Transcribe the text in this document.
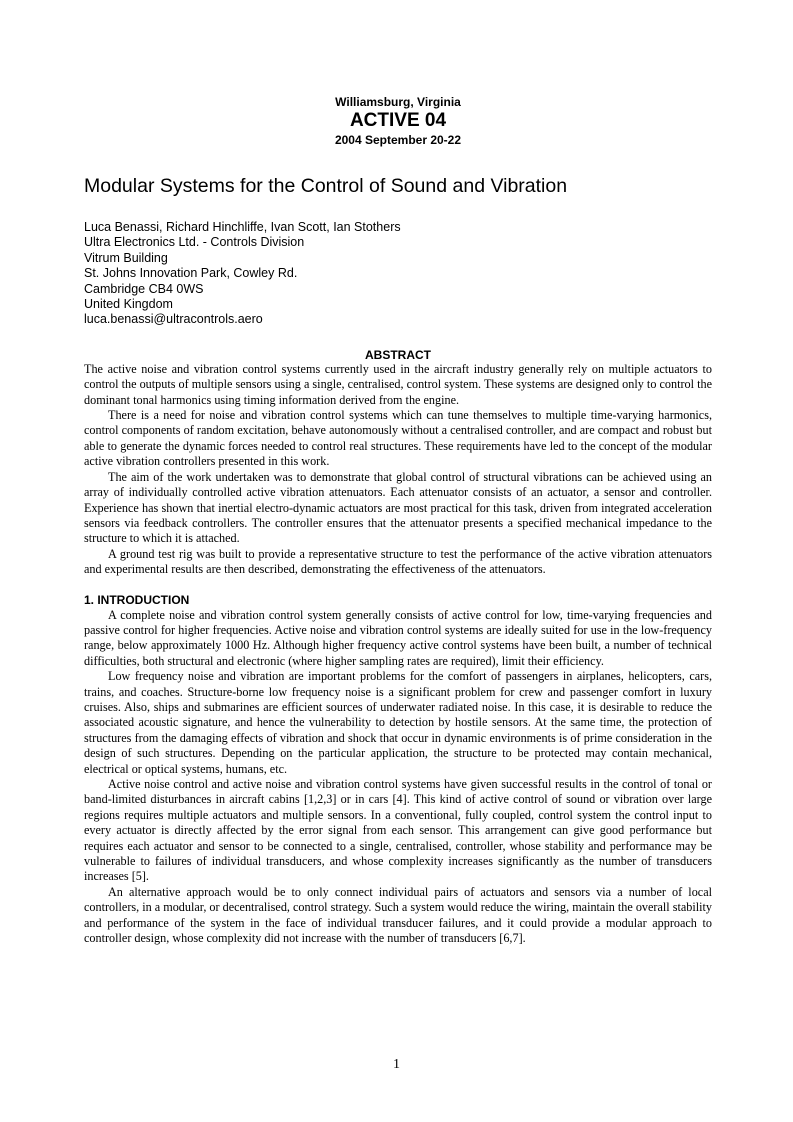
Williamsburg, Virginia
ACTIVE 04
2004 September 20-22
Modular Systems for the Control of Sound and Vibration
Luca Benassi, Richard Hinchliffe, Ivan Scott, Ian Stothers
Ultra Electronics Ltd. - Controls Division
Vitrum Building
St. Johns Innovation Park, Cowley Rd.
Cambridge CB4 0WS
United Kingdom
luca.benassi@ultracontrols.aero
ABSTRACT

The active noise and vibration control systems currently used in the aircraft industry generally rely on multiple actuators to control the outputs of multiple sensors using a single, centralised, control system. These systems are designed only to control the dominant tonal harmonics using timing information derived from the engine.

There is a need for noise and vibration control systems which can tune themselves to multiple time-varying harmonics, control components of random excitation, behave autonomously without a centralised controller, and are compact and robust but able to generate the dynamic forces needed to control real structures. These requirements have led to the concept of the modular active vibration controllers presented in this work.

The aim of the work undertaken was to demonstrate that global control of structural vibrations can be achieved using an array of individually controlled active vibration attenuators. Each attenuator consists of an actuator, a sensor and controller. Experience has shown that inertial electro-dynamic actuators are most practical for this task, driven from integrated acceleration sensors via feedback controllers. The controller ensures that the attenuator presents a specified mechanical impedance to the structure to which it is attached.

A ground test rig was built to provide a representative structure to test the performance of the active vibration attenuators and experimental results are then described, demonstrating the effectiveness of the attenuators.

1. INTRODUCTION

A complete noise and vibration control system generally consists of active control for low, time-varying frequencies and passive control for higher frequencies. Active noise and vibration control systems are ideally suited for use in the low-frequency range, below approximately 1000 Hz. Although higher frequency active control systems have been built, a number of technical difficulties, both structural and electronic (where higher sampling rates are required), limit their efficiency.

Low frequency noise and vibration are important problems for the comfort of passengers in airplanes, helicopters, cars, trains, and coaches. Structure-borne low frequency noise is a significant problem for crew and passenger comfort in luxury cruises. Also, ships and submarines are efficient sources of underwater radiated noise. In this case, it is desirable to reduce the associated acoustic signature, and hence the vulnerability to detection by hostile sensors. At the same time, the protection of structures from the damaging effects of vibration and shock that occur in dynamic environments is of prime consideration in the design of such structures. Depending on the particular application, the structure to be protected may contain mechanical, electrical or optical systems, humans, etc.

Active noise control and active noise and vibration control systems have given successful results in the control of tonal or band-limited disturbances in aircraft cabins [1,2,3] or in cars [4]. This kind of active control of sound or vibration over large regions requires multiple actuators and multiple sensors. In a conventional, fully coupled, control system the control input to every actuator is directly affected by the error signal from each sensor. This arrangement can give good performance but requires each actuator and sensor to be connected to a single, centralised, controller, whose stability and performance may be vulnerable to failures of individual transducers, and whose complexity increases significantly as the number of transducers increases [5].

An alternative approach would be to only connect individual pairs of actuators and sensors via a number of local controllers, in a modular, or decentralised, control strategy. Such a system would reduce the wiring, maintain the overall stability and performance of the system in the face of individual transducer failures, and it could provide a modular approach to controller design, whose complexity did not increase with the number of transducers [6,7].

1
